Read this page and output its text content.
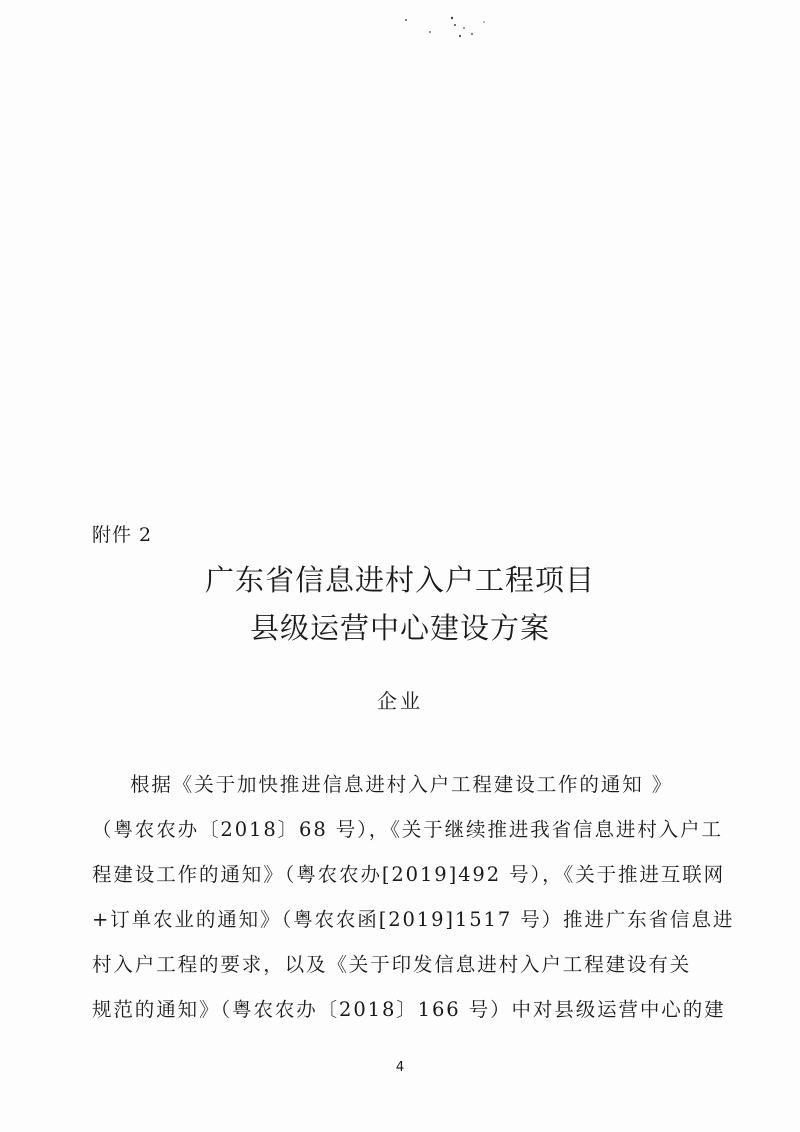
附件 2
广东省信息进村入户工程项目
县级运营中心建设方案
企业
根据《关于加快推进信息进村入户工程建设工作的通知 》
（粤农农办〔2018〕68 号），《关于继续推进我省信息进村入户工
程建设工作的通知》（粤农农办[2019]492 号），《关于推进互联网
+订单农业的通知》（粤农农函[2019]1517 号）推进广东省信息进
村入户工程的要求，以及《关于印发信息进村入户工程建设有关
规范的通知》（粤农农办〔2018〕166 号）中对县级运营中心的建
4
